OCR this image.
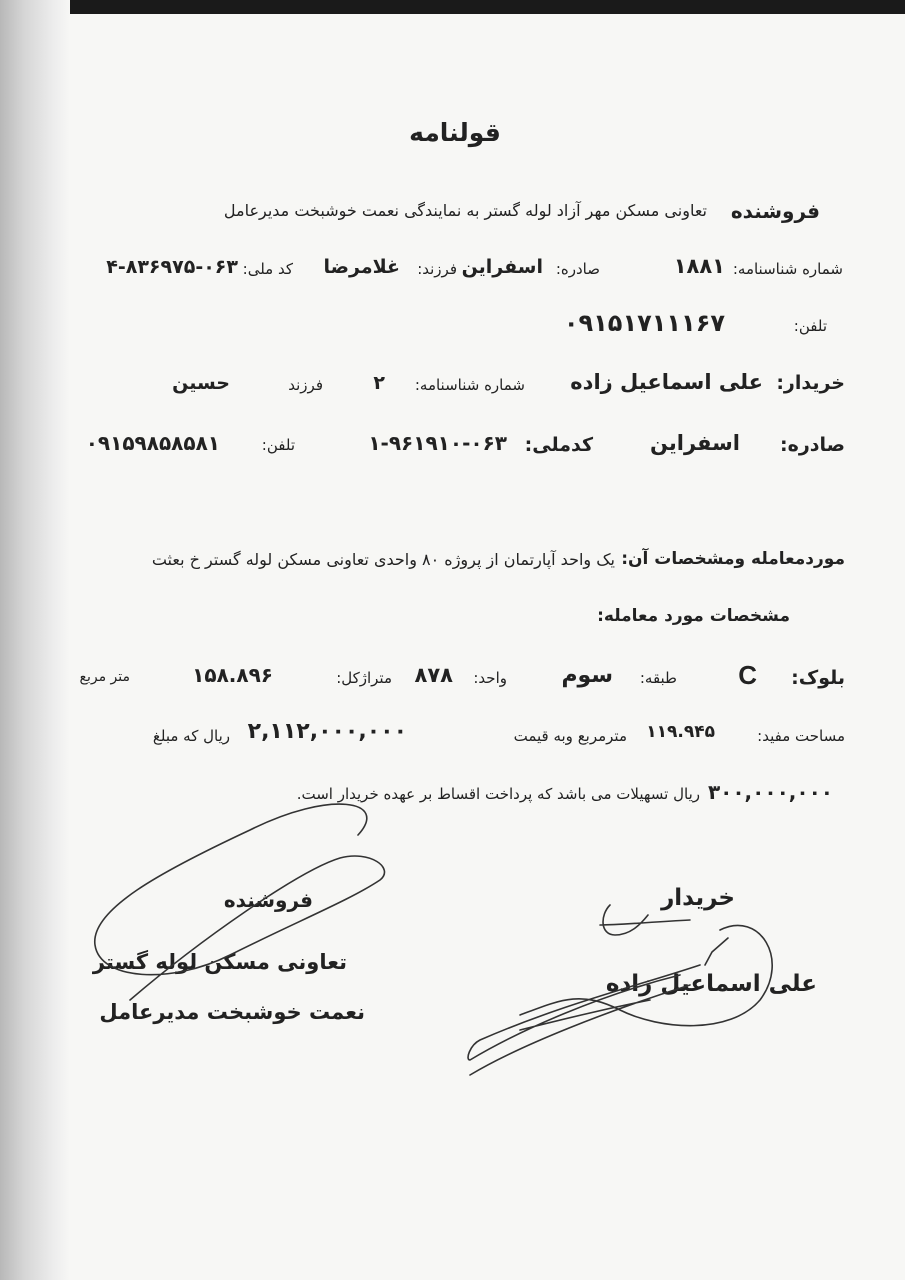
قولنامه
فروشنده
تعاونی مسکن مهر آزاد لوله گستر به نمایندگی نعمت خوشبخت مدیرعامل
شماره شناسنامه:
۱۸۸۱
صادره:
اسفراین
فرزند:
غلامرضا
کد ملی:
۴-۸۳۶۹۷۵-۰۶۳
تلفن:
۰۹۱۵۱۷۱۱۱۶۷
خریدار:
علی اسماعیل زاده
شماره شناسنامه:
۲
فرزند
حسین
صادره:
اسفراین
کدملی:
۱-۹۶۱۹۱۰-۰۶۳
تلفن:
۰۹۱۵۹۸۵۸۵۸۱
موردمعامله ومشخصات آن:
یک واحد آپارتمان از پروژه ۸۰ واحدی تعاونی مسکن لوله گستر خ بعثت
مشخصات مورد معامله:
بلوک:
C
طبقه:
سوم
واحد:
۸۷۸
متراژکل:
۱۵۸.۸۹۶
متر مربع
مساحت مفید:
۱۱۹.۹۴۵
مترمربع وبه قیمت
۲,۱۱۲,۰۰۰,۰۰۰
ریال که مبلغ
۳۰۰,۰۰۰,۰۰۰
ریال تسهیلات می باشد که پرداخت اقساط بر عهده خریدار است.
فروشنده
تعاونی مسکن لوله گستر
نعمت خوشبخت مدیرعامل
خریدار
علی اسماعیل زاده
